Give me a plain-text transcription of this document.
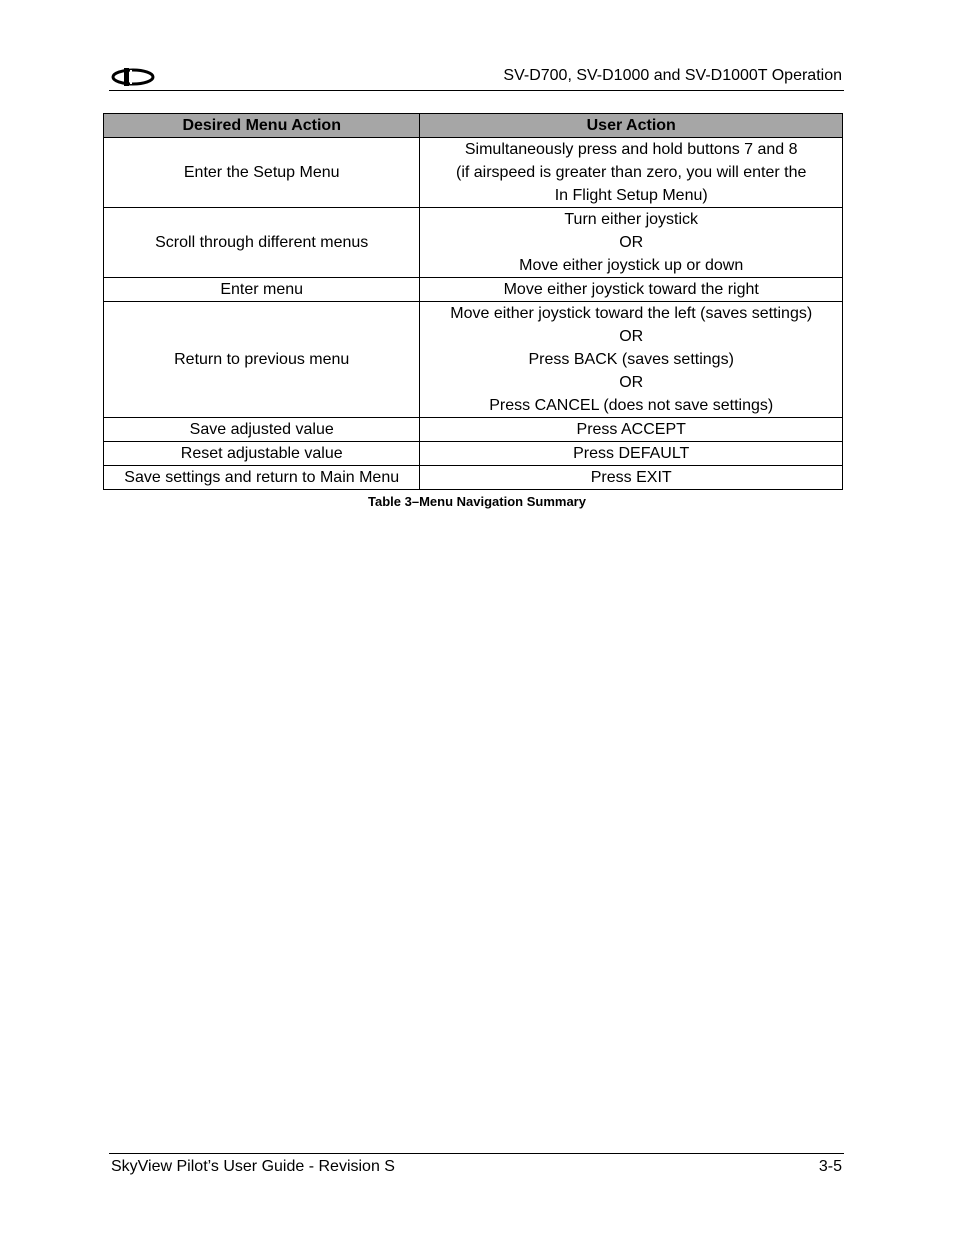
SV-D700, SV-D1000 and SV-D1000T Operation
Desired Menu Action	User Action
Enter the Setup Menu	Simultaneously press and hold buttons 7 and 8
(if airspeed is greater than zero, you will enter the
In Flight Setup Menu)

Scroll through different menus	Turn either joystick
OR
Move either joystick up or down

Enter menu	Move either joystick toward the right

Return to previous menu	Move either joystick toward the left (saves settings)
OR
Press BACK (saves settings)
OR
Press CANCEL (does not save settings)

Save adjusted value	Press ACCEPT

Reset adjustable value	Press DEFAULT

Save settings and return to Main Menu	Press EXIT
Table 3–Menu Navigation Summary
SkyView Pilot’s User Guide - Revision S	3-5
